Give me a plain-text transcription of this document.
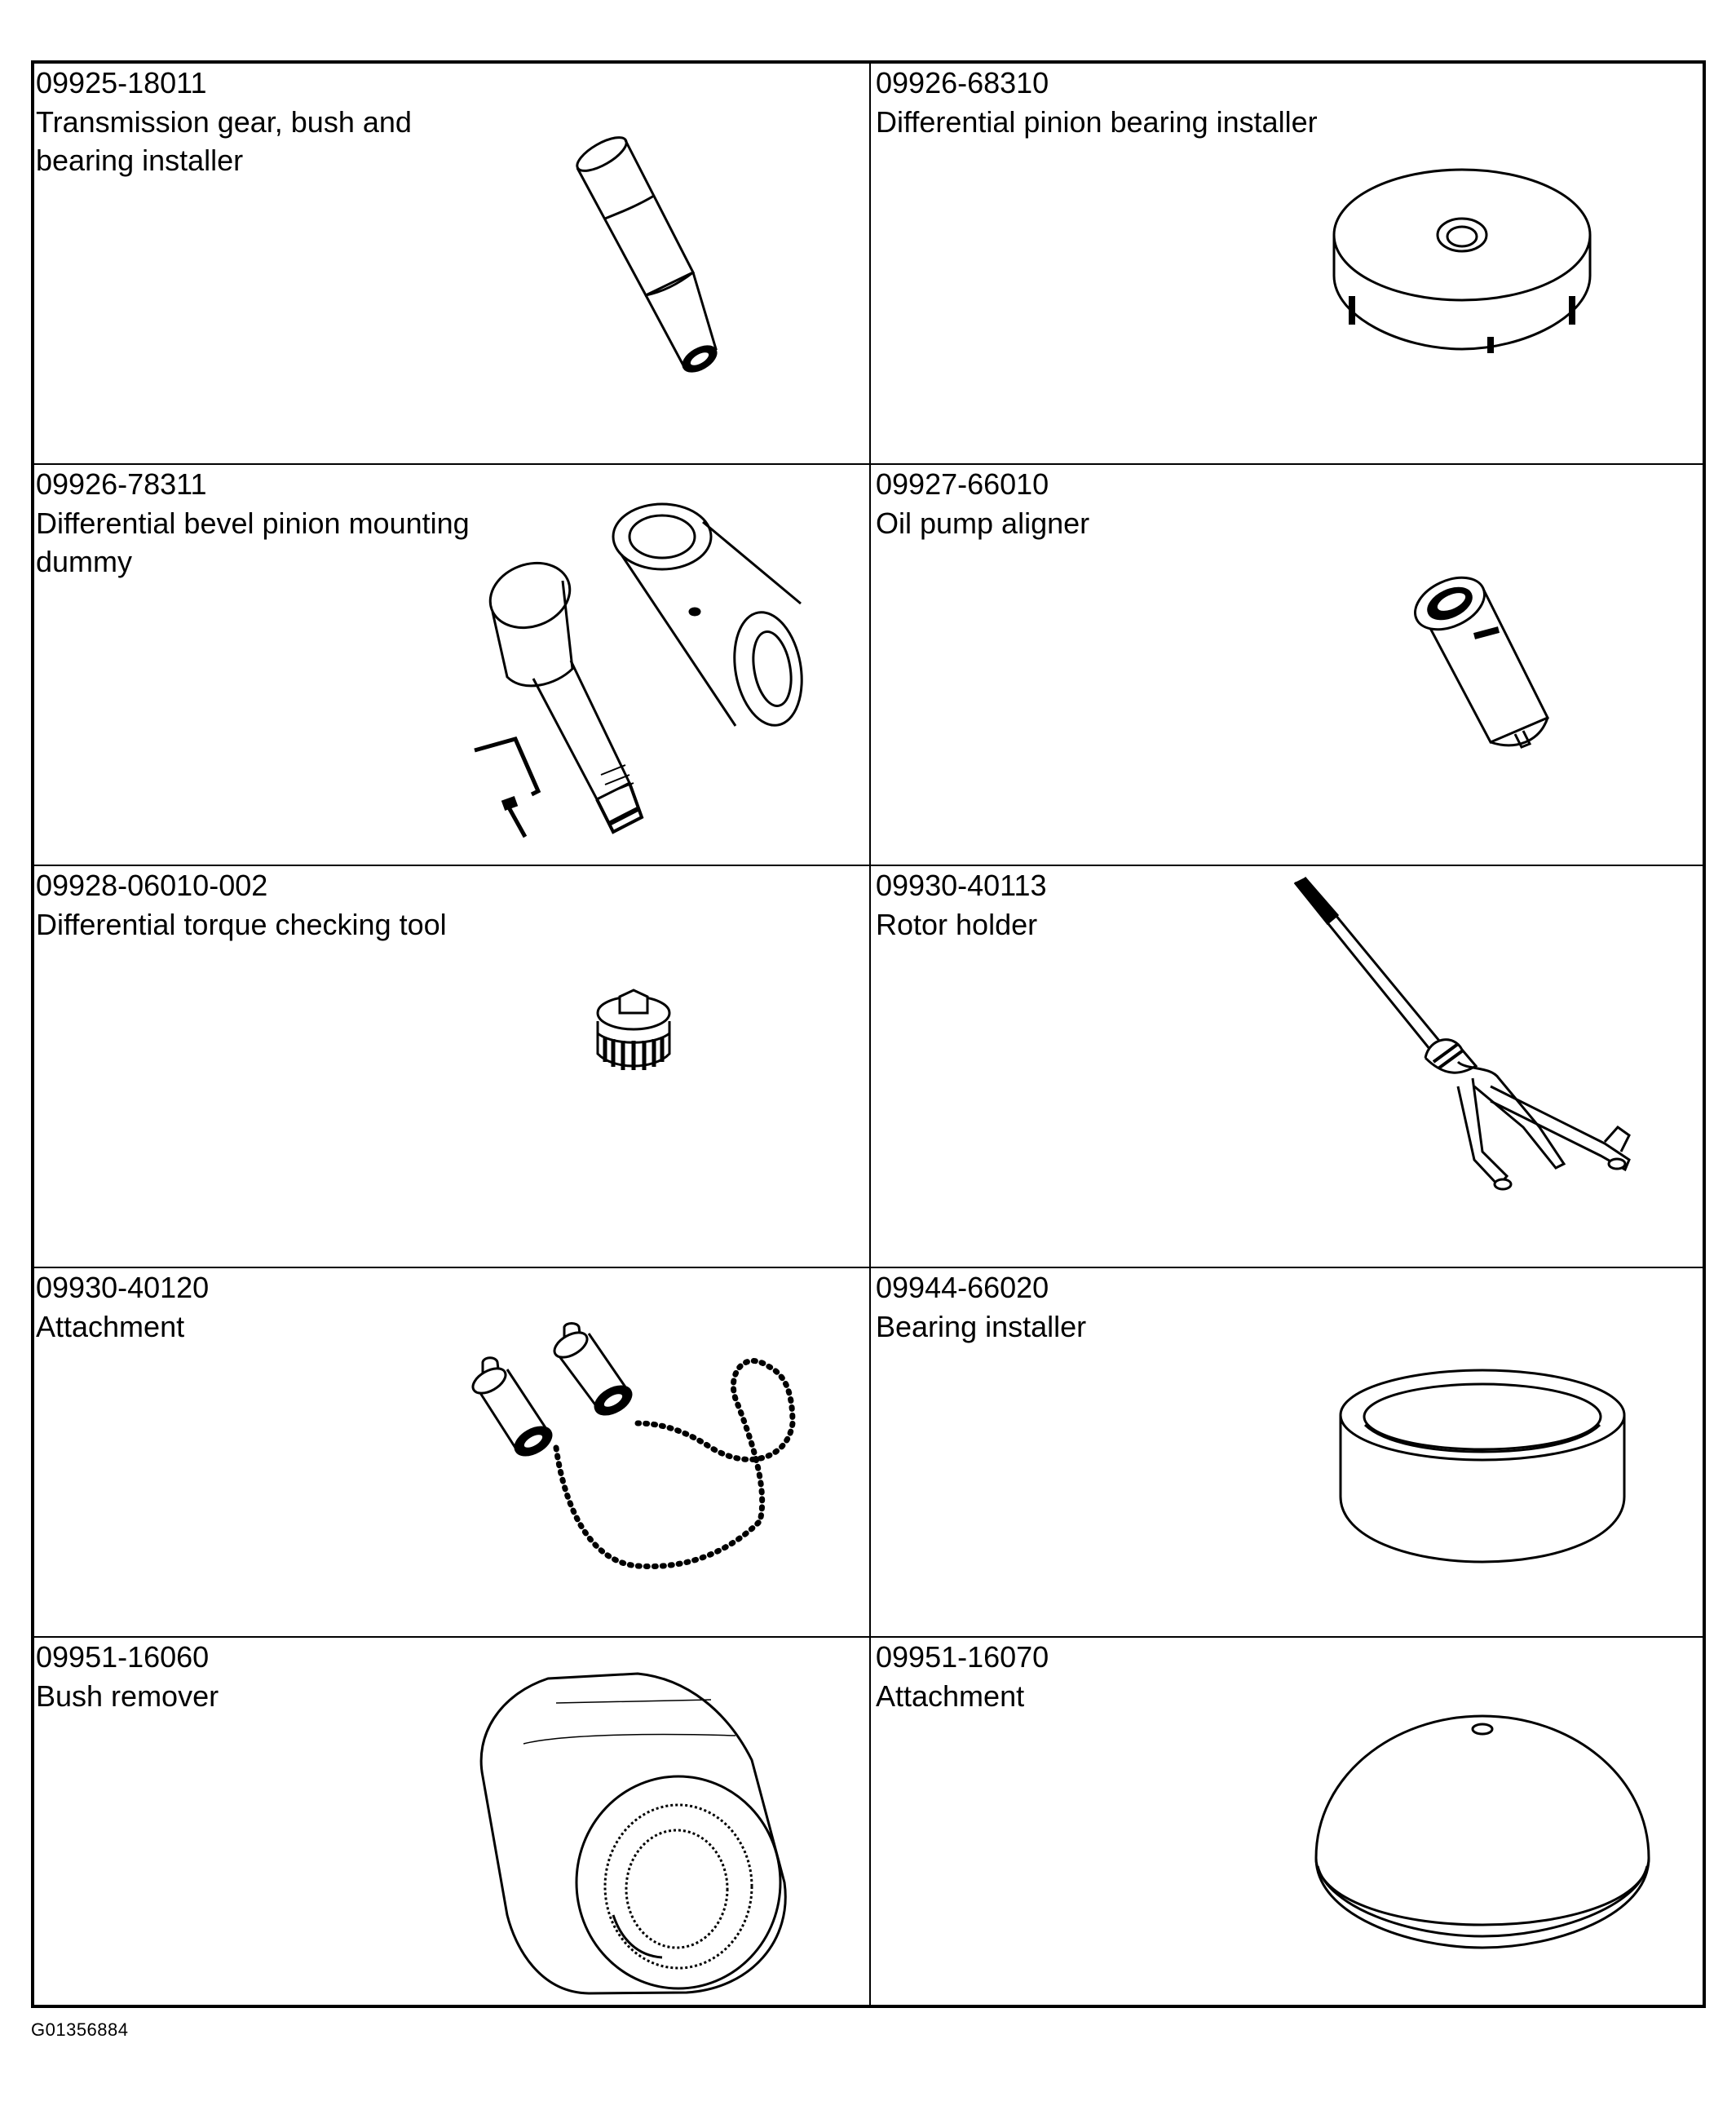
09925-18011
Transmission gear, bush and bearing installer
09926-68310
Differential pinion bearing installer
09926-78311
Differential bevel pinion mounting dummy
09927-66010
Oil pump aligner
09928-06010-002
Differential torque checking tool
09930-40113
Rotor holder
09930-40120
Attachment
09944-66020
Bearing installer
09951-16060
Bush remover
09951-16070
Attachment
G01356884
